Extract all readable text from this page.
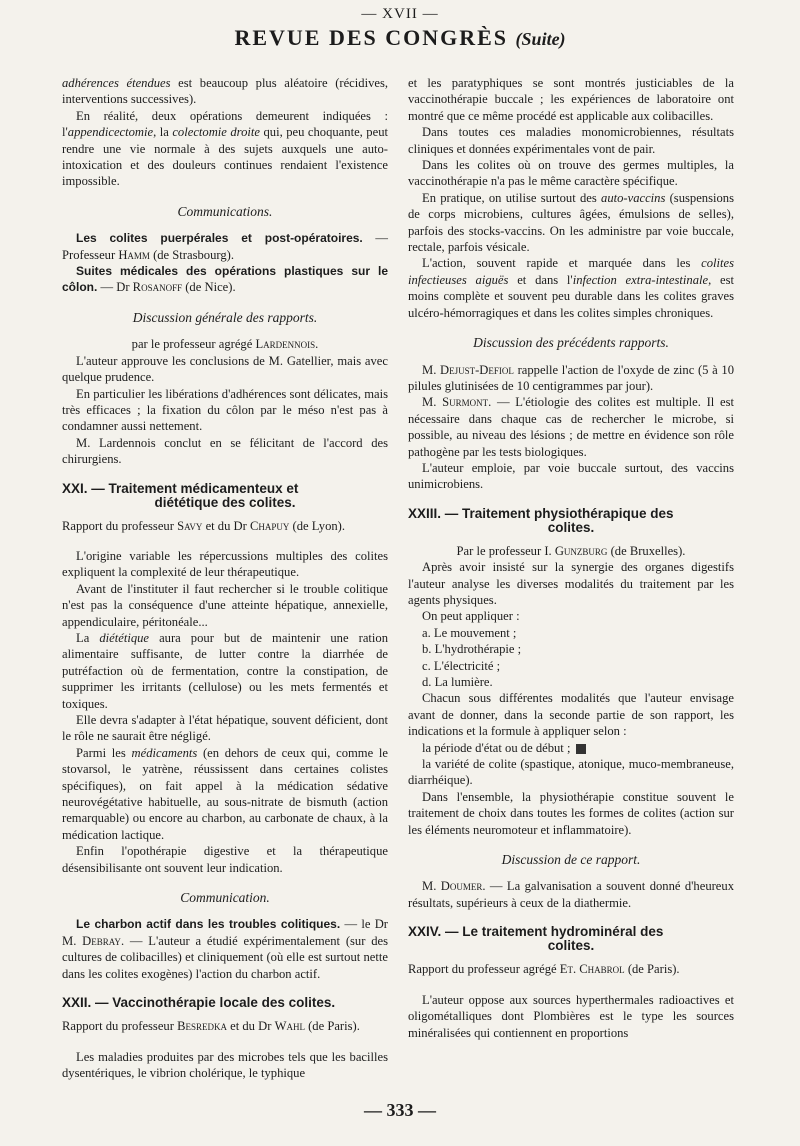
— XVII —
REVUE DES CONGRÈS (Suite)

adhérences étendues est beaucoup plus aléatoire (récidives, interventions successives).

En réalité, deux opérations demeurent indiquées : l'appendicectomie, la colectomie droite qui, peu choquante, peut rendre une vie normale à des sujets auxquels une auto-intoxication et des douleurs continues rendaient l'existence impossible.

Communications.

Les colites puerpérales et post-opératoires. — Professeur Hamm (de Strasbourg).

Suites médicales des opérations plastiques sur le côlon. — Dr Rosanoff (de Nice).

Discussion générale des rapports.

par le professeur agrégé Lardennois.

L'auteur approuve les conclusions de M. Gatellier, mais avec quelque prudence.

En particulier les libérations d'adhérences sont délicates, mais très efficaces ; la fixation du côlon par le méso n'est pas à condamner aussi nettement.

M. Lardennois conclut en se félicitant de l'accord des chirurgiens.

XXI. — Traitement médicamenteux et
diététique des colites.

Rapport du professeur Savy et du Dr Chapuy (de Lyon).

L'origine variable les répercussions multiples des colites expliquent la complexité de leur thérapeutique.

Avant de l'instituter il faut rechercher si le trouble colitique n'est pas la conséquence d'une atteinte hépatique, annexielle, appendiculaire, péritonéale...

La diététique aura pour but de maintenir une ration alimentaire suffisante, de lutter contre la diarrhée de putréfaction où de fermentation, contre la constipation, de supprimer les irritants (cellulose) ou les mets fermentés et toxiques.

Elle devra s'adapter à l'état hépatique, souvent déficient, dont le rôle ne saurait être négligé.

Parmi les médicaments (en dehors de ceux qui, comme le stovarsol, le yatrène, réussissent dans certaines colistes spécifiques), on fait appel à la médication sédative neurovégétative habituelle, au sous-nitrate de bismuth (action remarquable) ou encore au charbon, au carbonate de chaux, à la médication lactique.

Enfin l'opothérapie digestive et la thérapeutique désensibilisante ont souvent leur indication.

Communication.

Le charbon actif dans les troubles colitiques. — le Dr M. Debray. — L'auteur a étudié expérimentalement (sur des cultures de colibacilles) et cliniquement (où elle est surtout nette dans les colites exogènes) l'action du charbon actif.

XXII. — Vaccinothérapie locale des colites.

Rapport du professeur Besredka et du Dr Wahl (de Paris).

Les maladies produites par des microbes tels que les bacilles dysentériques, le vibrion cholérique, le typhique

et les paratyphiques se sont montrés justiciables de la vaccinothérapie buccale ; les expériences de laboratoire ont montré que ce même procédé est applicable aux colibacilles.

Dans toutes ces maladies monomicrobiennes, résultats cliniques et données expérimentales vont de pair.

Dans les colites où on trouve des germes multiples, la vaccinothérapie n'a pas le même caractère spécifique.

En pratique, on utilise surtout des auto-vaccins (suspensions de corps microbiens, cultures âgées, émulsions de selles), parfois des stocks-vaccins. On les administre par voie buccale, rectale, parfois vésicale.

L'action, souvent rapide et marquée dans les colites infectieuses aiguës et dans l'infection extra-intestinale, est moins complète et souvent peu durable dans les colites graves ulcéro-hémorragiques et dans les colites simples chroniques.

Discussion des précédents rapports.

M. Dejust-Defiol rappelle l'action de l'oxyde de zinc (5 à 10 pilules glutinisées de 10 centigrammes par jour).

M. Surmont. — L'étiologie des colites est multiple. Il est nécessaire dans chaque cas de rechercher le microbe, si possible, au niveau des lésions ; de mettre en évidence son rôle pathogène par les tests biologiques.

L'auteur emploie, par voie buccale surtout, des vaccins unimicrobiens.

XXIII. — Traitement physiothérapique des
colites.

Par le professeur I. Gunzburg (de Bruxelles).

Après avoir insisté sur la synergie des organes digestifs l'auteur analyse les diverses modalités du traitement par les agents physiques.

On peut appliquer :

a. Le mouvement ;

b. L'hydrothérapie ;

c. L'électricité ;

d. La lumière.

Chacun sous différentes modalités que l'auteur envisage avant de donner, dans la seconde partie de son rapport, les indications et la formule à appliquer selon :

la période d'état ou de début ;

la variété de colite (spastique, atonique, muco-membraneuse, diarrhéique).

Dans l'ensemble, la physiothérapie constitue souvent le traitement de choix dans toutes les formes de colites (action sur les éléments neuromoteur et inflammatoire).

Discussion de ce rapport.

M. Doumer. — La galvanisation a souvent donné d'heureux résultats, supérieurs à ceux de la diathermie.

XXIV. — Le traitement hydrominéral des
colites.

Rapport du professeur agrégé Et. Chabrol (de Paris).

L'auteur oppose aux sources hyperthermales radioactives et oligométalliques dont Plombières est le type les sources minéralisées qui contiennent en proportions

— 333 —
